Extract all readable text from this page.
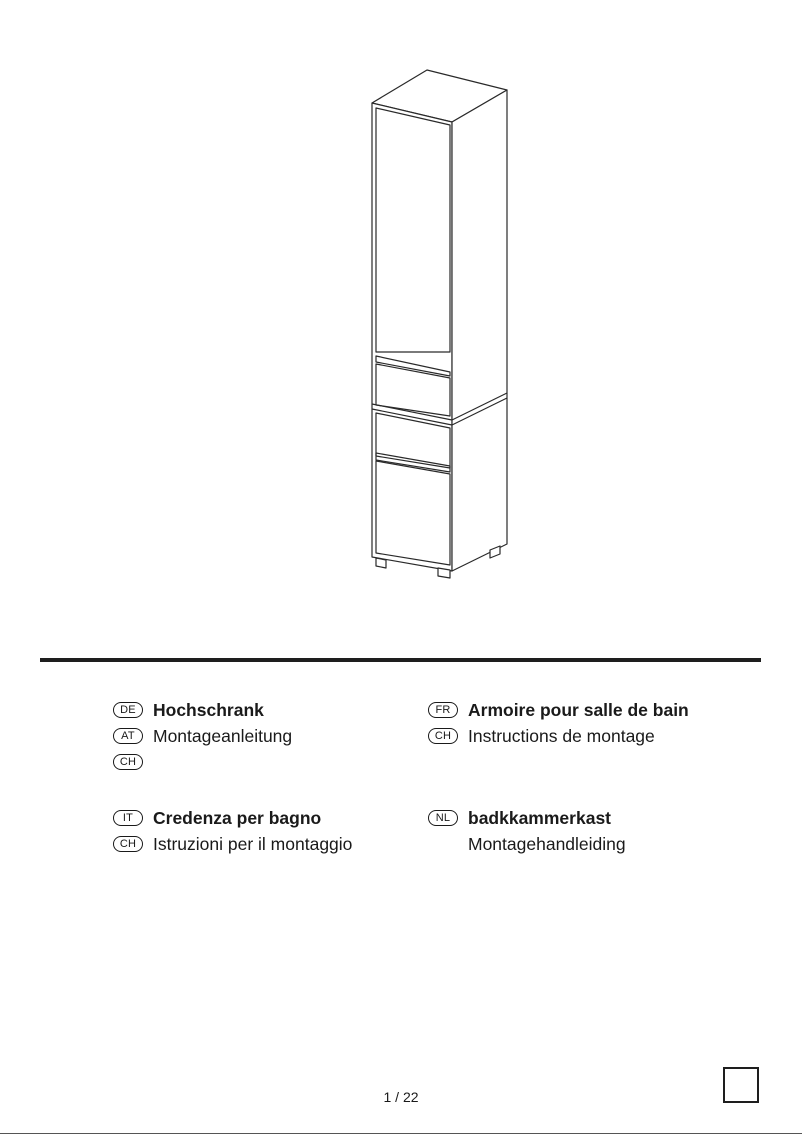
DE Hochschrank
AT	Montageanleitung
CH
FR Armoire pour salle de bain
CH Instructions de montage
IT	Credenza per bagno
CH Istruzioni per il montaggio
NL	badkkammerkast
Montagehandleiding
1 / 22
